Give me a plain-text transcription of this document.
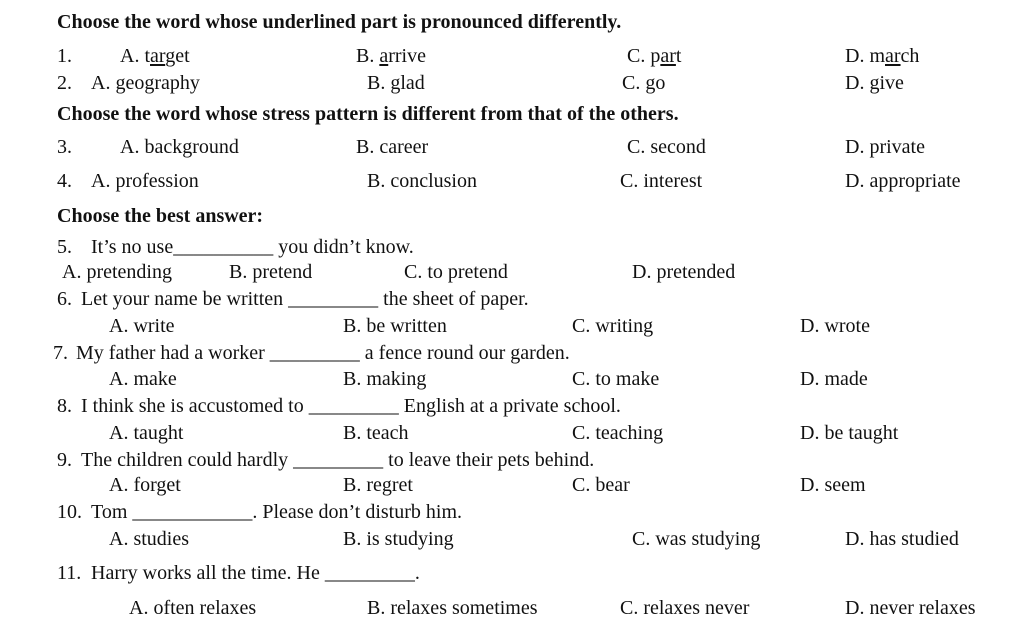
Choose the word whose underlined part is pronounced differently.
1. A. target	B. arrive	C. part	D. march
2. A. geography	B. glad	C. go	D. give
Choose the word whose stress pattern is different from that of the others.
3. A. background	B. career	C. second	D. private
4. A. profession	B. conclusion	C. interest	D. appropriate
Choose the best answer:
5. It’s no use__________ you didn’t know.
A. pretending	B. pretend	C. to pretend	D. pretended
6. Let your name be written _________ the sheet of paper.
A. write	B. be written	C. writing	D. wrote
7. My father had a worker _________ a fence round our garden.
A. make	B. making	C. to make	D. made
8. I think she is accustomed to _________ English at a private school.
A. taught	B. teach	C. teaching	D. be taught
9. The children could hardly _________ to leave their pets behind.
A. forget	B. regret	C. bear	D. seem
10. Tom ____________. Please don’t disturb him.
A. studies	B. is studying	C. was studying	D. has studied
11. Harry works all the time. He _________.
A. often relaxes	B. relaxes sometimes	C. relaxes never	D. never relaxes
